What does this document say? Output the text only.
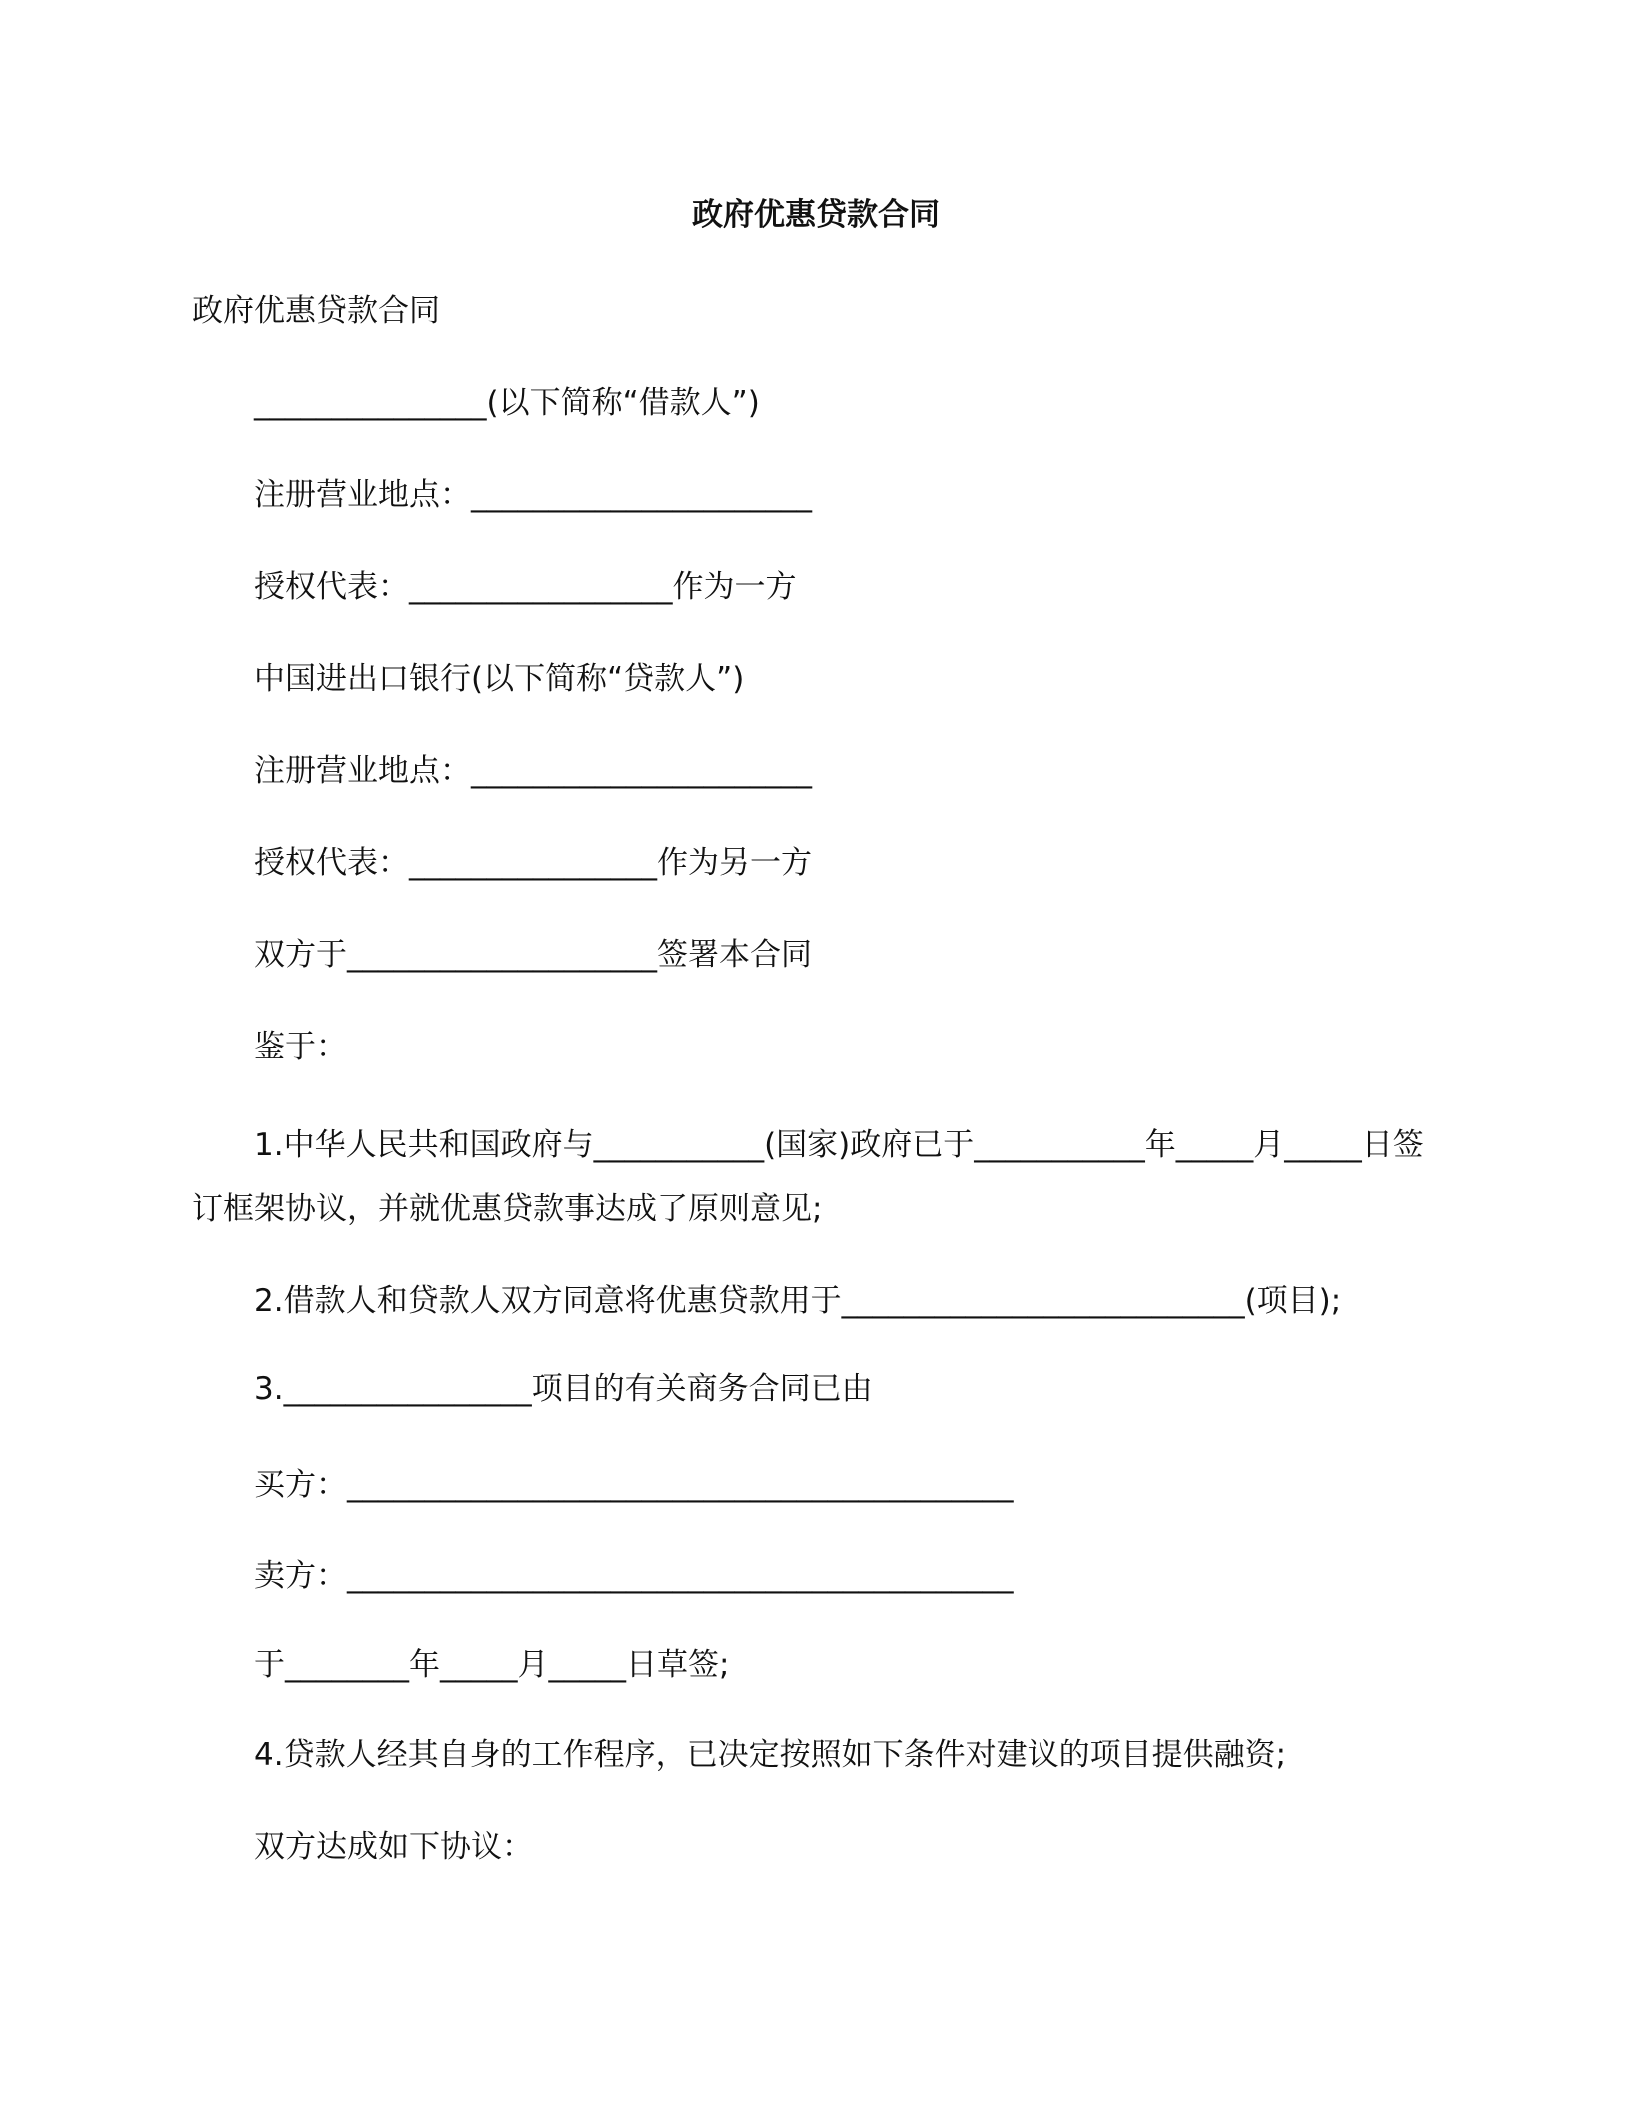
政府优惠贷款合同

政府优惠贷款合同

_______________(以下简称“借款人”)

注册营业地点：______________________

授权代表：_________________作为一方

中国进出口银行(以下简称“贷款人”)

注册营业地点：______________________

授权代表：________________作为另一方

双方于____________________签署本合同

鉴于：

1.中华人民共和国政府与___________(国家)政府已于___________年_____月_____日签订框架协议，并就优惠贷款事达成了原则意见;

2.借款人和贷款人双方同意将优惠贷款用于__________________________(项目);

3.________________项目的有关商务合同已由

买方：___________________________________________

卖方：___________________________________________

于________年_____月_____日草签;

4.贷款人经其自身的工作程序，已决定按照如下条件对建议的项目提供融资;

双方达成如下协议：
